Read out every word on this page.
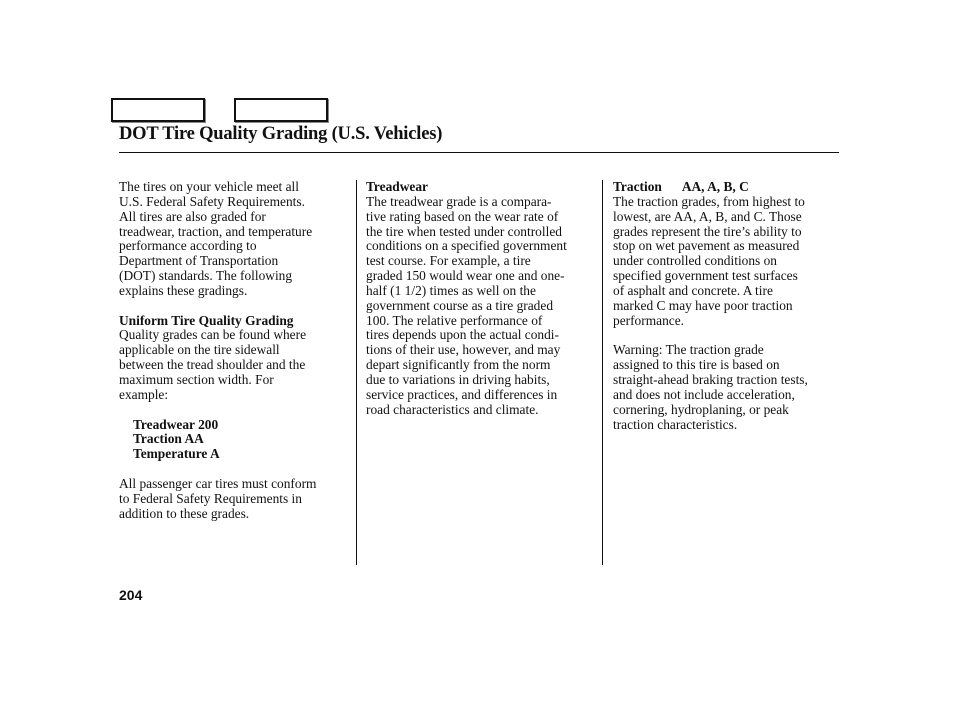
DOT Tire Quality Grading (U.S. Vehicles)

The tires on your vehicle meet all
U.S. Federal Safety Requirements.
All tires are also graded for
treadwear, traction, and temperature
performance according to
Department of Transportation
(DOT) standards. The following
explains these gradings.

Uniform Tire Quality Grading

Quality grades can be found where
applicable on the tire sidewall
between the tread shoulder and the
maximum section width. For
example:

Treadwear 200
Traction AA
Temperature A

All passenger car tires must conform
to Federal Safety Requirements in
addition to these grades.

Treadwear

The treadwear grade is a compara-
tive rating based on the wear rate of
the tire when tested under controlled
conditions on a specified government
test course. For example, a tire
graded 150 would wear one and one-
half (1 1/2) times as well on the
government course as a tire graded
100. The relative performance of
tires depends upon the actual condi-
tions of their use, however, and may
depart significantly from the norm
due to variations in driving habits,
service practices, and differences in
road characteristics and climate.

Traction AA, A, B, C

The traction grades, from highest to
lowest, are AA, A, B, and C. Those
grades represent the tire’s ability to
stop on wet pavement as measured
under controlled conditions on
specified government test surfaces
of asphalt and concrete. A tire
marked C may have poor traction
performance.

Warning: The traction grade
assigned to this tire is based on
straight-ahead braking traction tests,
and does not include acceleration,
cornering, hydroplaning, or peak
traction characteristics.

204
